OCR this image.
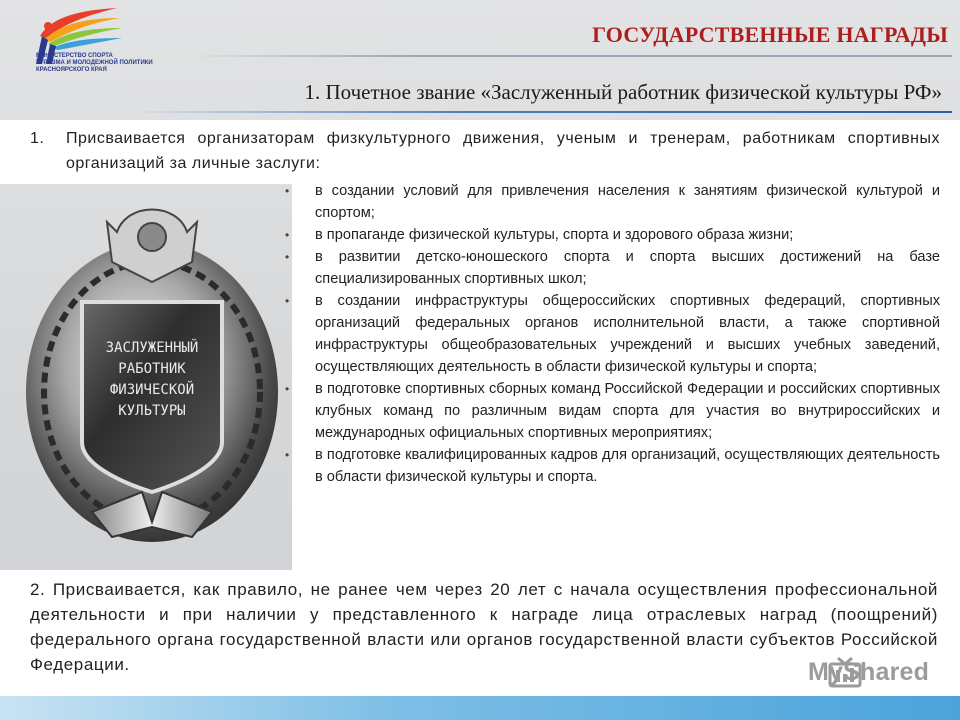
МИНИСТЕРСТВО СПОРТА
ТУРИЗМА И МОЛОДЕЖНОЙ ПОЛИТИКИ
КРАСНОЯРСКОГО КРАЯ
ГОСУДАРСТВЕННЫЕ НАГРАДЫ
1. Почетное звание «Заслуженный работник физической культуры РФ»
1. Присваивается организаторам физкультурного движения, ученым и тренерам, работникам спортивных организаций за личные заслуги:
ЗАСЛУЖЕННЫЙ
РАБОТНИК
ФИЗИЧЕСКОЙ
КУЛЬТУРЫ
• в создании условий для привлечения населения к занятиям физической культурой и спортом;
• в пропаганде физической культуры, спорта и здорового образа жизни;
• в развитии детско-юношеского спорта и спорта высших достижений на базе специализированных спортивных школ;
• в создании инфраструктуры общероссийских спортивных федераций, спортивных организаций федеральных органов исполнительной власти, а также спортивной инфраструктуры общеобразовательных учреждений и высших учебных заведений, осуществляющих деятельность в области физической культуры и спорта;
• в подготовке спортивных сборных команд Российской Федерации и российских спортивных клубных команд по различным видам спорта для участия во внутрироссийских и международных официальных спортивных мероприятиях;
• в подготовке квалифицированных кадров для организаций, осуществляющих деятельность в области физической культуры и спорта.
2. Присваивается, как правило, не ранее чем через 20 лет с начала осуществления профессиональной деятельности и при наличии у представленного к награде лица отраслевых наград (поощрений) федерального органа государственной власти или органов государственной власти субъектов Российской Федерации.	MyShared
